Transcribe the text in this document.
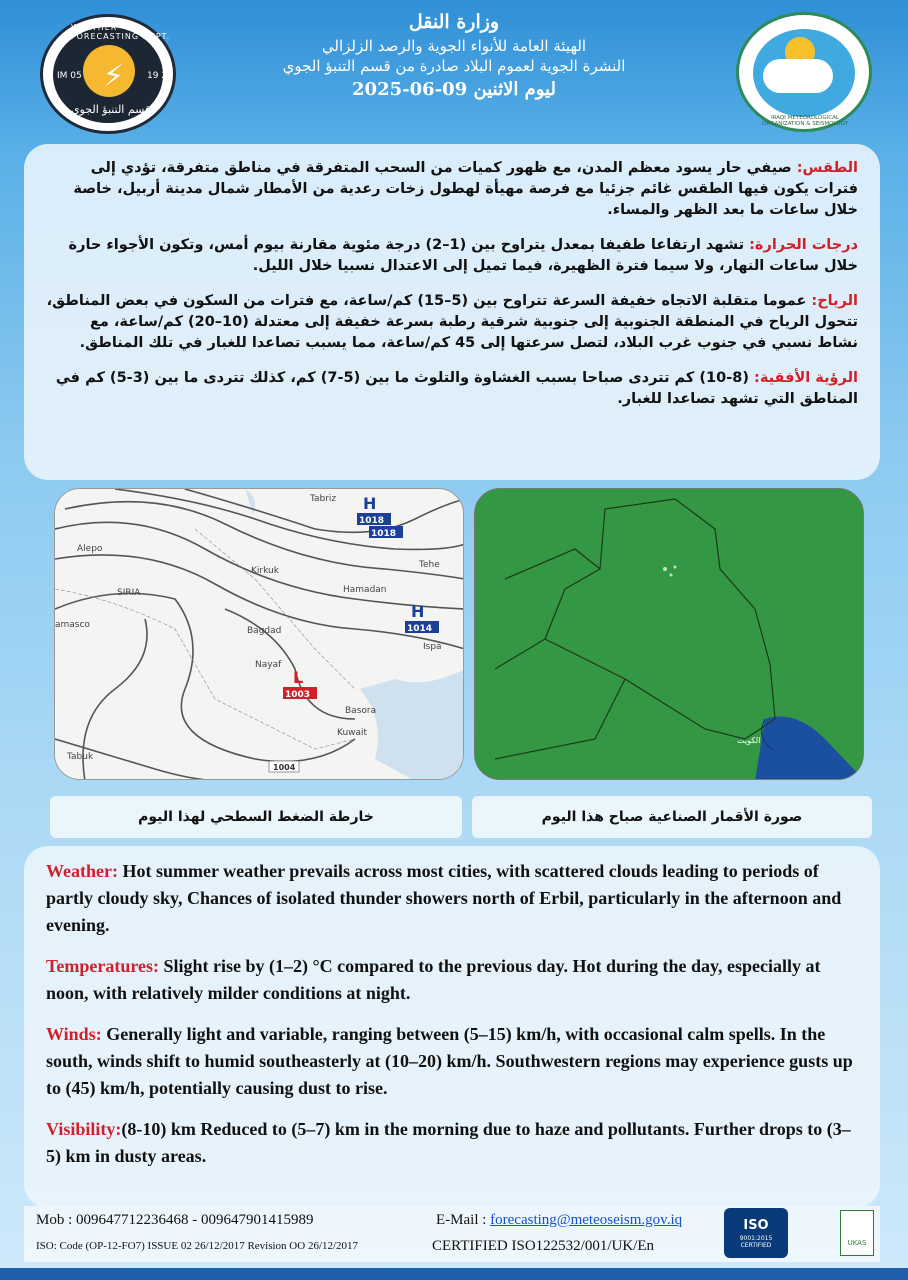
WEATHER FORECASTING DEPT.
⚡
IM 05	19 23
قسم التنبؤ الجوي
وزارة النقل
الهيئة العامة للأنواء الجوية والرصد الزلزالي
النشرة الجوية لعموم البلاد صادرة من قسم التنبؤ الجوي
ليوم الاثنين 09-06-2025
IRAQI METEOROLOGICAL ORGANIZATION & SEISMOLOGY

الطقس: صيفي حار يسود معظم المدن، مع ظهور كميات من السحب المتفرقة في مناطق متفرقة، تؤدي إلى فترات يكون فيها الطقس غائم جزئيا مع فرصة مهيأة لهطول زخات رعدية من الأمطار شمال مدينة أربيل، خاصة خلال ساعات ما بعد الظهر والمساء.

درجات الحرارة: تشهد ارتفاعا طفيفا بمعدل يتراوح بين (1–2) درجة مئوية مقارنة بيوم أمس، وتكون الأجواء حارة خلال ساعات النهار، ولا سيما فترة الظهيرة، فيما تميل إلى الاعتدال نسبيا خلال الليل.

الرياح: عموما متقلبة الاتجاه خفيفة السرعة تتراوح بين (5–15) كم/ساعة، مع فترات من السكون في بعض المناطق، تتحول الرياح في المنطقة الجنوبية إلى جنوبية شرقية رطبة بسرعة خفيفة إلى معتدلة (10–20) كم/ساعة، مع نشاط نسبي في جنوب غرب البلاد، لتصل سرعتها إلى 45 كم/ساعة، مما يسبب تصاعدا للغبار في تلك المناطق.

الرؤية الأفقية: (8-10) كم تتردى صباحا بسبب الغشاوة والتلوث ما بين (5-7) كم، كذلك تتردى ما بين (3-5) كم في المناطق التي تشهد تصاعدا للغبار.

Tabriz
Alepo
Kirkuk
Hamadan
Tehe
SIRIA
amasco
Bagdad
Ispa
Nayaf
Basora
Kuwait
Tabuk
H
1018
1018
H
1014
L
1003
1004
الكويت
خارطة الضغط السطحي لهذا اليوم	صورة الأقمار الصناعية صباح هذا اليوم

Weather: Hot summer weather prevails across most cities, with scattered clouds leading to periods of partly cloudy sky, Chances of isolated thunder showers north of Erbil, particularly in the afternoon and evening.

Temperatures: Slight rise by (1–2) °C compared to the previous day. Hot during the day, especially at noon, with relatively milder conditions at night.

Winds: Generally light and variable, ranging between (5–15) km/h, with occasional calm spells. In the south, winds shift to humid southeasterly at (10–20) km/h. Southwestern regions may experience gusts up to (45) km/h, potentially causing dust to rise.

Visibility:(8-10) km Reduced to (5–7) km in the morning due to haze and pollutants. Further drops to (3–5) km in dusty areas.

Mob : 009647712236468 - 009647901415989	E-Mail : forecasting@meteoseism.gov.iq
ISO: Code (OP-12-FO7) ISSUE 02 26/12/2017 Revision OO 26/12/2017	CERTIFIED ISO122532/001/UK/En
ISO
9001:2015 CERTIFIED	UKAS
